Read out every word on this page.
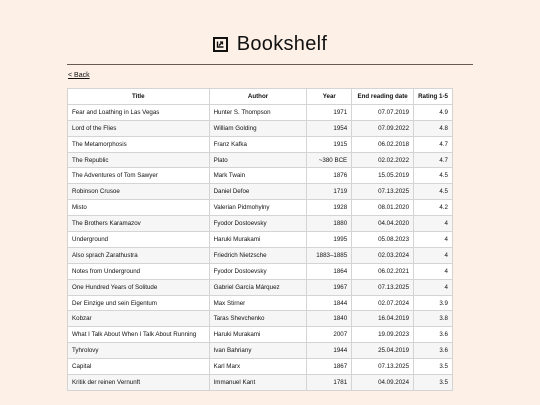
Bookshelf
< Back
Title	Author	Year	End reading date	Rating 1-5
Fear and Loathing in Las Vegas	Hunter S. Thompson	1971	07.07.2019	4.9
Lord of the Flies	William Golding	1954	07.09.2022	4.8
The Metamorphosis	Franz Kafka	1915	06.02.2018	4.7
The Republic	Plato	~380 BCE	02.02.2022	4.7
The Adventures of Tom Sawyer	Mark Twain	1876	15.05.2019	4.5
Robinson Crusoe	Daniel Defoe	1719	07.13.2025	4.5
Misto	Valerian Pidmohylny	1928	08.01.2020	4.2
The Brothers Karamazov	Fyodor Dostoevsky	1880	04.04.2020	4
Underground	Haruki Murakami	1995	05.08.2023	4
Also sprach Zarathustra	Friedrich Nietzsche	1883–1885	02.03.2024	4
Notes from Underground	Fyodor Dostoevsky	1864	06.02.2021	4
One Hundred Years of Solitude	Gabriel García Márquez	1967	07.13.2025	4
Der Einzige und sein Eigentum	Max Stirner	1844	02.07.2024	3.9
Kobzar	Taras Shevchenko	1840	16.04.2019	3.8
What I Talk About When I Talk About Running	Haruki Murakami	2007	19.09.2023	3.6
Tyhrolovy	Ivan Bahriany	1944	25.04.2019	3.6
Capital	Karl Marx	1867	07.13.2025	3.5
Kritik der reinen Vernunft	Immanuel Kant	1781	04.09.2024	3.5
